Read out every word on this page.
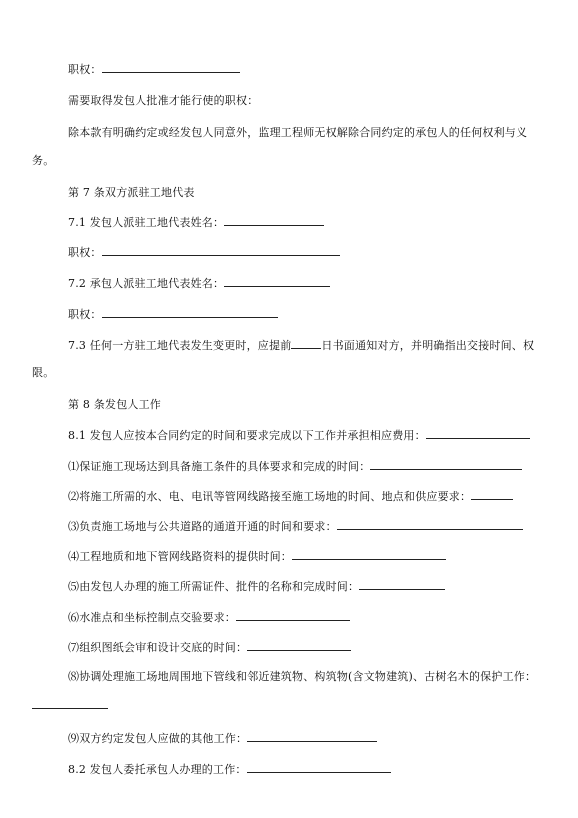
职权：
需要取得发包人批准才能行使的职权：
除本款有明确约定或经发包人同意外，监理工程师无权解除合同约定的承包人的任何权利与义
务。
第 7 条双方派驻工地代表
7.1 发包人派驻工地代表姓名：
职权：
7.2 承包人派驻工地代表姓名：
职权：
7.3 任何一方驻工地代表发生变更时，应提前	日书面通知对方，并明确指出交接时间、权
限。
第 8 条发包人工作
8.1 发包人应按本合同约定的时间和要求完成以下工作并承担相应费用：
⑴保证施工现场达到具备施工条件的具体要求和完成的时间：
⑵将施工所需的水、电、电讯等管网线路接至施工场地的时间、地点和供应要求：
⑶负责施工场地与公共道路的通道开通的时间和要求：
⑷工程地质和地下管网线路资料的提供时间：
⑸由发包人办理的施工所需证件、批件的名称和完成时间：
⑹水准点和坐标控制点交验要求：
⑺组织图纸会审和设计交底的时间：
⑻协调处理施工场地周围地下管线和邻近建筑物、构筑物(含文物建筑)、古树名木的保护工作：
⑼双方约定发包人应做的其他工作：
8.2 发包人委托承包人办理的工作：
